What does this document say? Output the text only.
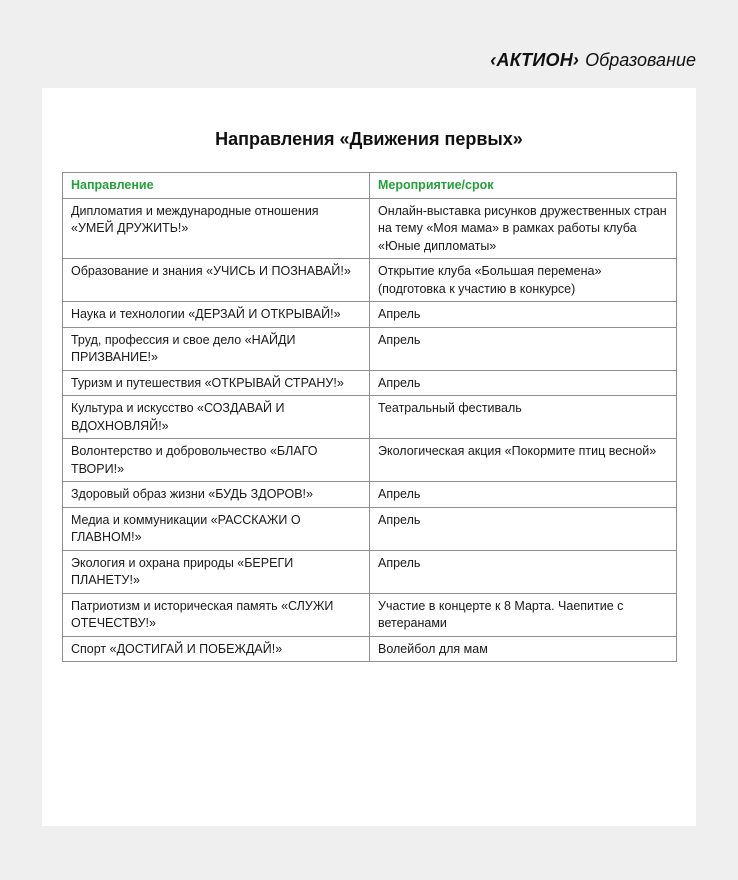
‹АКТИОН› Образование
Направления «Движения первых»
Направление	Мероприятие/срок
Дипломатия и международные отношения «УМЕЙ ДРУЖИТЬ!»	Онлайн-выставка рисунков дружественных стран на тему «Моя мама» в рамках работы клуба «Юные дипломаты»
Образование и знания «УЧИСЬ И ПОЗНАВАЙ!»	Открытие клуба «Большая перемена» (подготовка к участию в конкурсе)
Наука и технологии «ДЕРЗАЙ И ОТКРЫВАЙ!»	Апрель
Труд, профессия и свое дело «НАЙДИ ПРИЗВАНИЕ!»	Апрель
Туризм и путешествия «ОТКРЫВАЙ СТРАНУ!»	Апрель
Культура и искусство «СОЗДАВАЙ И ВДОХНОВЛЯЙ!»	Театральный фестиваль
Волонтерство и добровольчество «БЛАГО ТВОРИ!»	Экологическая акция «Покормите птиц весной»
Здоровый образ жизни «БУДЬ ЗДОРОВ!»	Апрель
Медиа и коммуникации «РАССКАЖИ О ГЛАВНОМ!»	Апрель
Экология и охрана природы «БЕРЕГИ ПЛАНЕТУ!»	Апрель
Патриотизм и историческая память «СЛУЖИ ОТЕЧЕСТВУ!»	Участие в концерте к 8 Марта. Чаепитие с ветеранами
Спорт «ДОСТИГАЙ И ПОБЕЖДАЙ!»	Волейбол для мам
